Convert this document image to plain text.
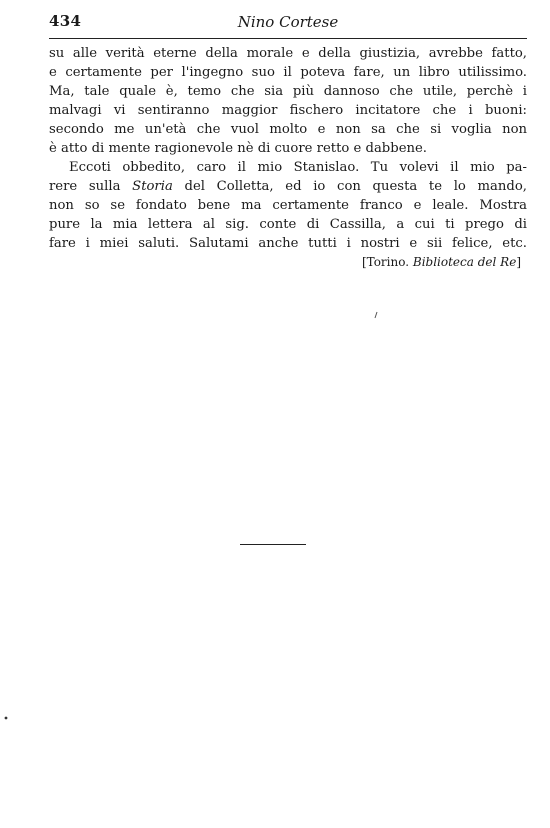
434	Nino Cortese
su alle verità eterne della morale e della giustizia, avrebbe fatto,
e certamente per l'ingegno suo il poteva fare, un libro utilissimo.
Ma, tale quale è, temo che sia più dannoso che utile, perchè i
malvagi vi sentiranno maggior fischero incitatore che i buoni:
secondo me un'età che vuol molto e non sa che si voglia non
è atto di mente ragionevole nè di cuore retto e dabbene.
Eccoti obbedito, caro il mio Stanislao. Tu volevi il mio pa-
rere sulla Storia del Colletta, ed io con questa te lo mando,
non so se fondato bene ma certamente franco e leale. Mostra
pure la mia lettera al sig. conte di Cassilla, a cui ti prego di
fare i miei saluti. Salutami anche tutti i nostri e sii felice, etc.
[Torino. Biblioteca del Re]
